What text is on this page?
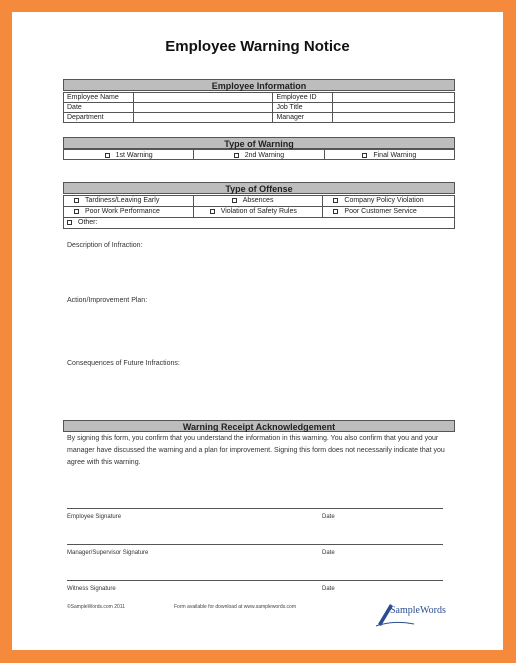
Employee Warning Notice
Employee Information
Employee Name		Employee ID	
Date		Job Title	
Department		Manager	
Type of Warning
1st Warning	2nd Warning	Final Warning
Type of Offense
Tardiness/Leaving Early	Absences	Company Policy Violation
Poor Work Performance	Violation of Safety Rules	Poor Customer Service
Other:		
Description of Infraction:
Action/Improvement Plan:
Consequences of Future Infractions:
Warning Receipt Acknowledgement
By signing this form, you confirm that you understand the information in this warning. You also confirm that you and your manager have discussed the warning and a plan for improvement. Signing this form does not necessarily indicate that you agree with this warning.
Employee Signature	Date
Manager/Supervisor Signature	Date
Witness Signature	Date
©SampleWords.com 2011	Form available for download at www.samplewords.com	SampleWords
